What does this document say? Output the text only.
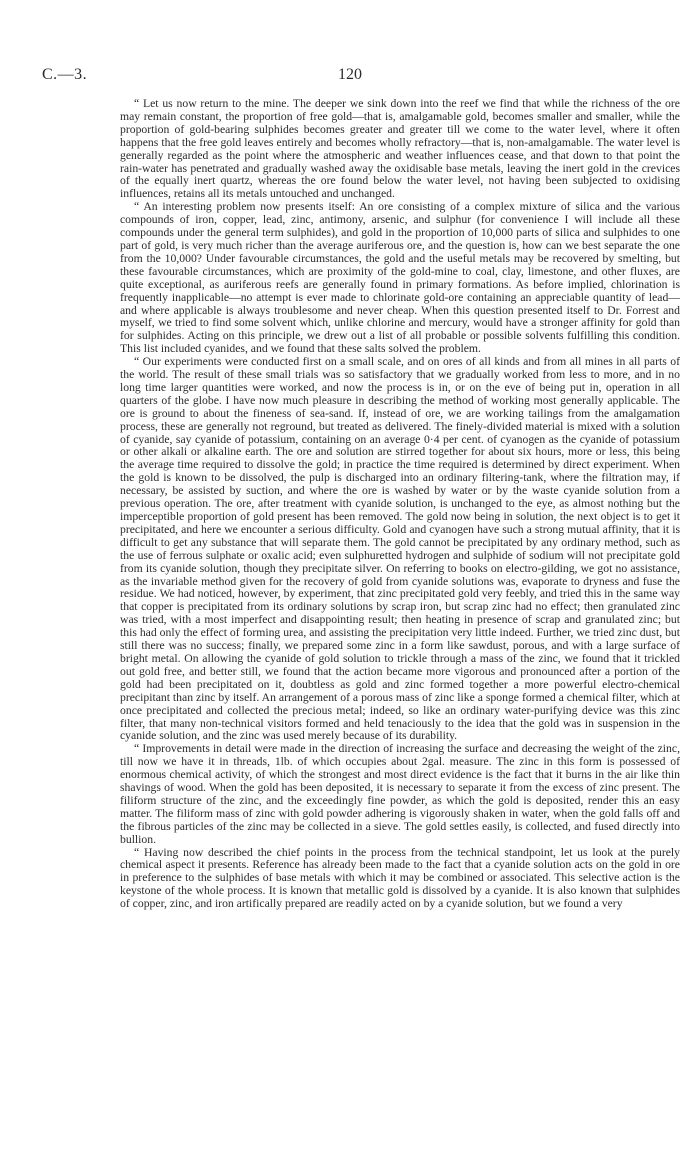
C.—3.	120

“ Let us now return to the mine. The deeper we sink down into the reef we find that while the richness of the ore may remain constant, the proportion of free gold—that is, amalgamable gold, becomes smaller and smaller, while the proportion of gold-bearing sulphides becomes greater and greater till we come to the water level, where it often happens that the free gold leaves entirely and becomes wholly refractory—that is, non-amalgamable. The water level is generally regarded as the point where the atmospheric and weather influences cease, and that down to that point the rain-water has penetrated and gradually washed away the oxidisable base metals, leaving the inert gold in the crevices of the equally inert quartz, whereas the ore found below the water level, not having been subjected to oxidising influences, retains all its metals untouched and unchanged.

“ An interesting problem now presents itself: An ore consisting of a complex mixture of silica and the various compounds of iron, copper, lead, zinc, antimony, arsenic, and sulphur (for convenience I will include all these compounds under the general term sulphides), and gold in the proportion of 10,000 parts of silica and sulphides to one part of gold, is very much richer than the average auriferous ore, and the question is, how can we best separate the one from the 10,000? Under favourable circumstances, the gold and the useful metals may be recovered by smelting, but these favourable circumstances, which are proximity of the gold-mine to coal, clay, limestone, and other fluxes, are quite exceptional, as auriferous reefs are generally found in primary formations. As before implied, chlorination is frequently inapplicable—no attempt is ever made to chlorinate gold-ore containing an appreciable quantity of lead—and where applicable is always troublesome and never cheap. When this question presented itself to Dr. Forrest and myself, we tried to find some solvent which, unlike chlorine and mercury, would have a stronger affinity for gold than for sulphides. Acting on this principle, we drew out a list of all probable or possible solvents fulfilling this condition. This list included cyanides, and we found that these salts solved the problem.

“ Our experiments were conducted first on a small scale, and on ores of all kinds and from all mines in all parts of the world. The result of these small trials was so satisfactory that we gradually worked from less to more, and in no long time larger quantities were worked, and now the process is in, or on the eve of being put in, operation in all quarters of the globe. I have now much pleasure in describing the method of working most generally applicable. The ore is ground to about the fineness of sea-sand. If, instead of ore, we are working tailings from the amalgamation process, these are generally not reground, but treated as delivered. The finely-divided material is mixed with a solution of cyanide, say cyanide of potassium, containing on an average 0·4 per cent. of cyanogen as the cyanide of potassium or other alkali or alkaline earth. The ore and solution are stirred together for about six hours, more or less, this being the average time required to dissolve the gold; in practice the time required is determined by direct experiment. When the gold is known to be dissolved, the pulp is discharged into an ordinary filtering-tank, where the filtration may, if necessary, be assisted by suction, and where the ore is washed by water or by the waste cyanide solution from a previous operation. The ore, after treatment with cyanide solution, is unchanged to the eye, as almost nothing but the imperceptible proportion of gold present has been removed. The gold now being in solution, the next object is to get it precipitated, and here we encounter a serious difficulty. Gold and cyanogen have such a strong mutual affinity, that it is difficult to get any substance that will separate them. The gold cannot be precipitated by any ordinary method, such as the use of ferrous sulphate or oxalic acid; even sulphuretted hydrogen and sulphide of sodium will not precipitate gold from its cyanide solution, though they precipitate silver. On referring to books on electro-gilding, we got no assistance, as the invariable method given for the recovery of gold from cyanide solutions was, evaporate to dryness and fuse the residue. We had noticed, however, by experiment, that zinc precipitated gold very feebly, and tried this in the same way that copper is precipitated from its ordinary solutions by scrap iron, but scrap zinc had no effect; then granulated zinc was tried, with a most imperfect and disappointing result; then heating in presence of scrap and granulated zinc; but this had only the effect of forming urea, and assisting the precipitation very little indeed. Further, we tried zinc dust, but still there was no success; finally, we prepared some zinc in a form like sawdust, porous, and with a large surface of bright metal. On allowing the cyanide of gold solution to trickle through a mass of the zinc, we found that it trickled out gold free, and better still, we found that the action became more vigorous and pronounced after a portion of the gold had been precipitated on it, doubtless as gold and zinc formed together a more powerful electro-chemical precipitant than zinc by itself. An arrangement of a porous mass of zinc like a sponge formed a chemical filter, which at once precipitated and collected the precious metal; indeed, so like an ordinary water-purifying device was this zinc filter, that many non-technical visitors formed and held tenaciously to the idea that the gold was in suspension in the cyanide solution, and the zinc was used merely because of its durability.

“ Improvements in detail were made in the direction of increasing the surface and decreasing the weight of the zinc, till now we have it in threads, 1lb. of which occupies about 2gal. measure. The zinc in this form is possessed of enormous chemical activity, of which the strongest and most direct evidence is the fact that it burns in the air like thin shavings of wood. When the gold has been deposited, it is necessary to separate it from the excess of zinc present. The filiform structure of the zinc, and the exceedingly fine powder, as which the gold is deposited, render this an easy matter. The filiform mass of zinc with gold powder adhering is vigorously shaken in water, when the gold falls off and the fibrous particles of the zinc may be collected in a sieve. The gold settles easily, is collected, and fused directly into bullion.

“ Having now described the chief points in the process from the technical standpoint, let us look at the purely chemical aspect it presents. Reference has already been made to the fact that a cyanide solution acts on the gold in ore in preference to the sulphides of base metals with which it may be combined or associated. This selective action is the keystone of the whole process. It is known that metallic gold is dissolved by a cyanide. It is also known that sulphides of copper, zinc, and iron artifically prepared are readily acted on by a cyanide solution, but we found a very
